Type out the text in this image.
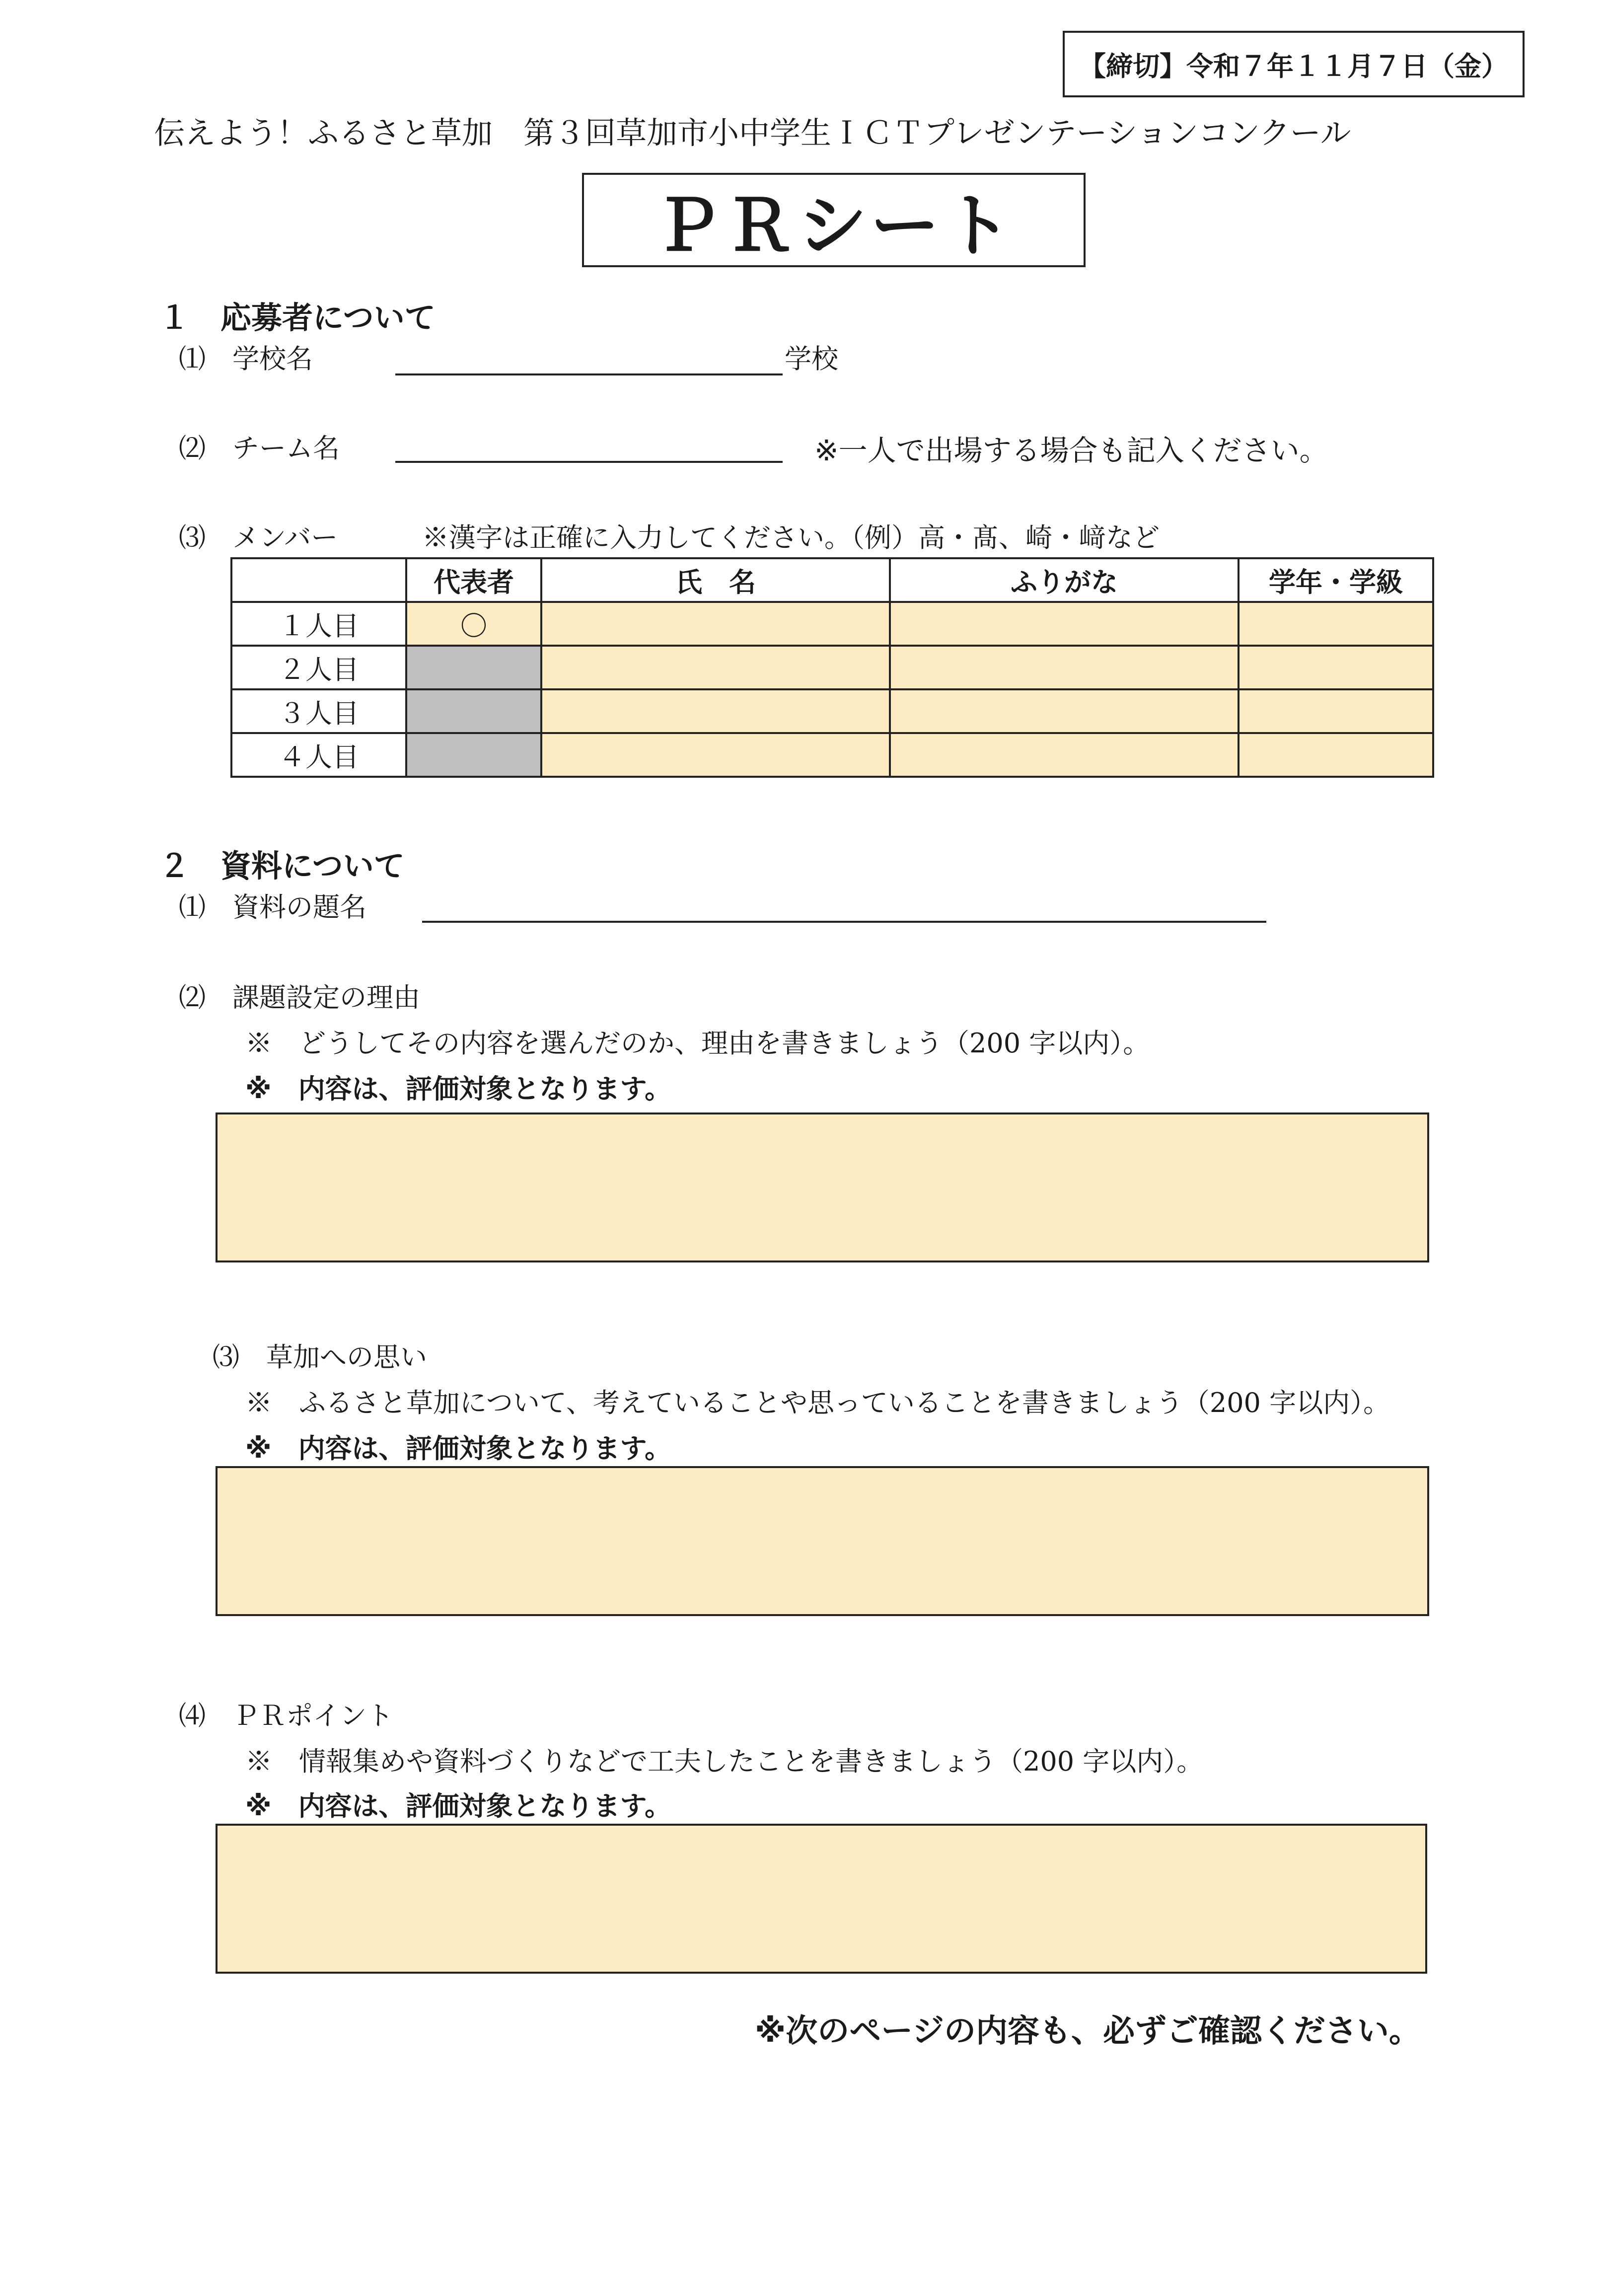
【締切】令和７年１１月７日（金）
伝えよう！ふるさと草加　第３回草加市小中学生ＩＣＴプレゼンテーションコンクール
ＰＲシート
１　応募者について
⑴　学校名	学校
⑵　チーム名	※一人で出場する場合も記入ください。
⑶　メンバー	※漢字は正確に入力してください。（例）高・髙、崎・﨑など
	代表者	氏　名	ふりがな	学年・学級
１人目	〇			
２人目				
３人目				
４人目				
２　資料について
⑴　資料の題名
⑵　課題設定の理由
※　どうしてその内容を選んだのか、理由を書きましょう（200 字以内）。
※　内容は、評価対象となります。
⑶　草加への思い
※　ふるさと草加について、考えていることや思っていることを書きましょう（200 字以内）。
※　内容は、評価対象となります。
⑷　ＰＲポイント
※　情報集めや資料づくりなどで工夫したことを書きましょう（200 字以内）。
※　内容は、評価対象となります。
※次のページの内容も、必ずご確認ください。
